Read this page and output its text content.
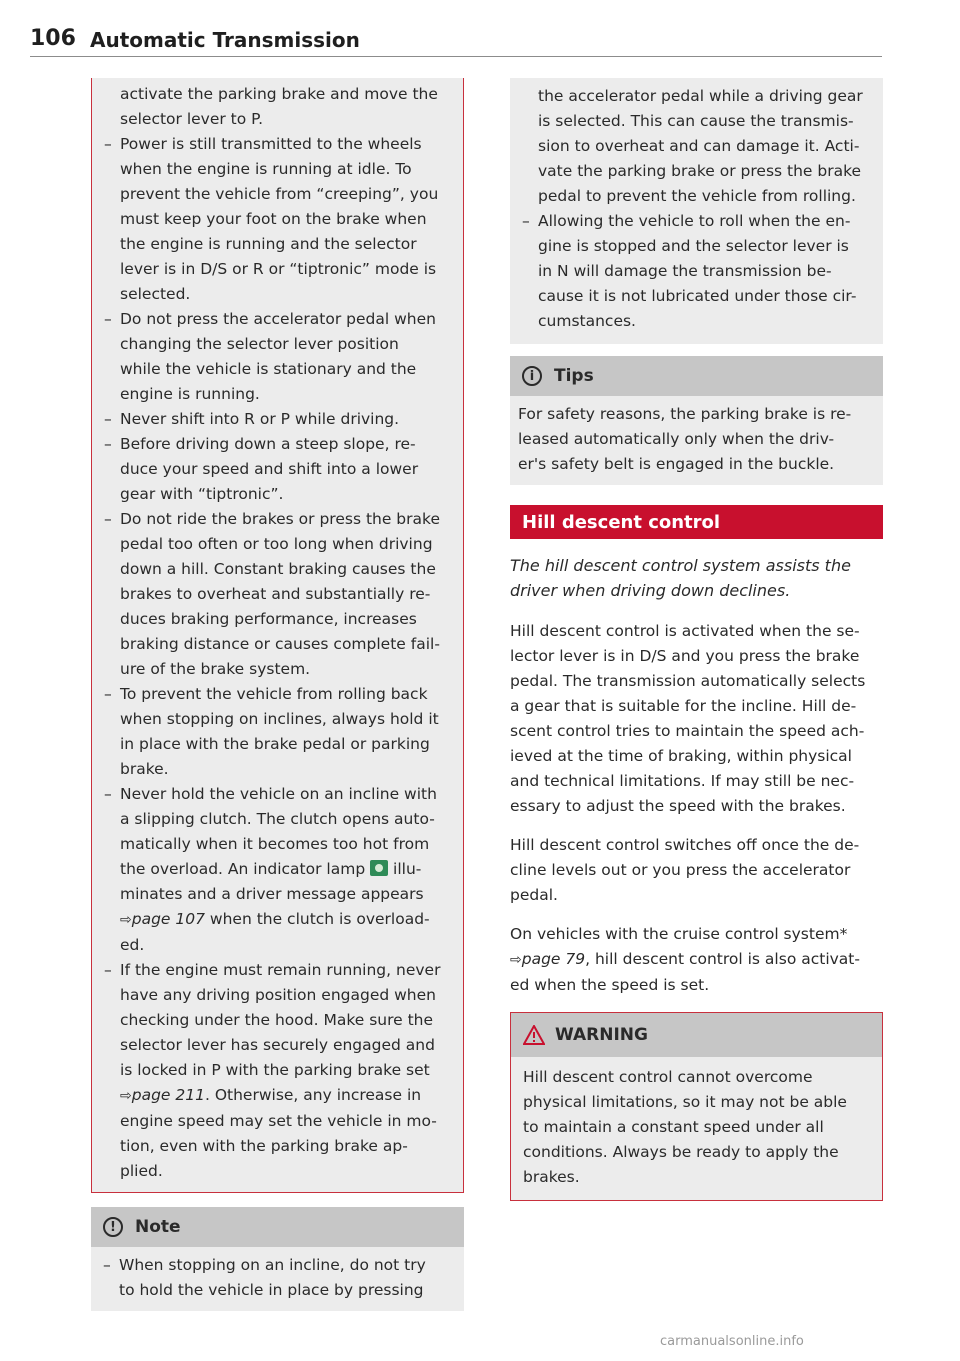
106 Automatic Transmission
activate the parking brake and move the
selector lever to P.
– Power is still transmitted to the wheels
when the engine is running at idle. To
prevent the vehicle from “creeping”, you
must keep your foot on the brake when
the engine is running and the selector
lever is in D/S or R or “tiptronic” mode is
selected.
– Do not press the accelerator pedal when
changing the selector lever position
while the vehicle is stationary and the
engine is running.
– Never shift into R or P while driving.
– Before driving down a steep slope, re-
duce your speed and shift into a lower
gear with “tiptronic”.
– Do not ride the brakes or press the brake
pedal too often or too long when driving
down a hill. Constant braking causes the
brakes to overheat and substantially re-
duces braking performance, increases
braking distance or causes complete fail-
ure of the brake system.
– To prevent the vehicle from rolling back
when stopping on inclines, always hold it
in place with the brake pedal or parking
brake.
– Never hold the vehicle on an incline with
a slipping clutch. The clutch opens auto-
matically when it becomes too hot from
the overload. An indicator lamp illu-
minates and a driver message appears
⇨page 107 when the clutch is overload-
ed.
– If the engine must remain running, never
have any driving position engaged when
checking under the hood. Make sure the
selector lever has securely engaged and
is locked in P with the parking brake set
⇨page 211. Otherwise, any increase in
engine speed may set the vehicle in mo-
tion, even with the parking brake ap-
plied.
!	Note
– When stopping on an incline, do not try
to hold the vehicle in place by pressing
the accelerator pedal while a driving gear
is selected. This can cause the transmis-
sion to overheat and can damage it. Acti-
vate the parking brake or press the brake
pedal to prevent the vehicle from rolling.
– Allowing the vehicle to roll when the en-
gine is stopped and the selector lever is
in N will damage the transmission be-
cause it is not lubricated under those cir-
cumstances.
i	Tips

For safety reasons, the parking brake is re-

leased automatically only when the driv-

er's safety belt is engaged in the buckle.

Hill descent control
The hill descent control system assists the
driver when driving down declines.

Hill descent control is activated when the se-
lector lever is in D/S and you press the brake
pedal. The transmission automatically selects
a gear that is suitable for the incline. Hill de-
scent control tries to maintain the speed ach-
ieved at the time of braking, within physical
and technical limitations. If may still be nec-
essary to adjust the speed with the brakes.

Hill descent control switches off once the de-
cline levels out or you press the accelerator
pedal.

On vehicles with the cruise control system*
⇨page 79, hill descent control is also activat-
ed when the speed is set.

WARNING

Hill descent control cannot overcome

physical limitations, so it may not be able

to maintain a constant speed under all

conditions. Always be ready to apply the

brakes.

carmanualsonline.info
